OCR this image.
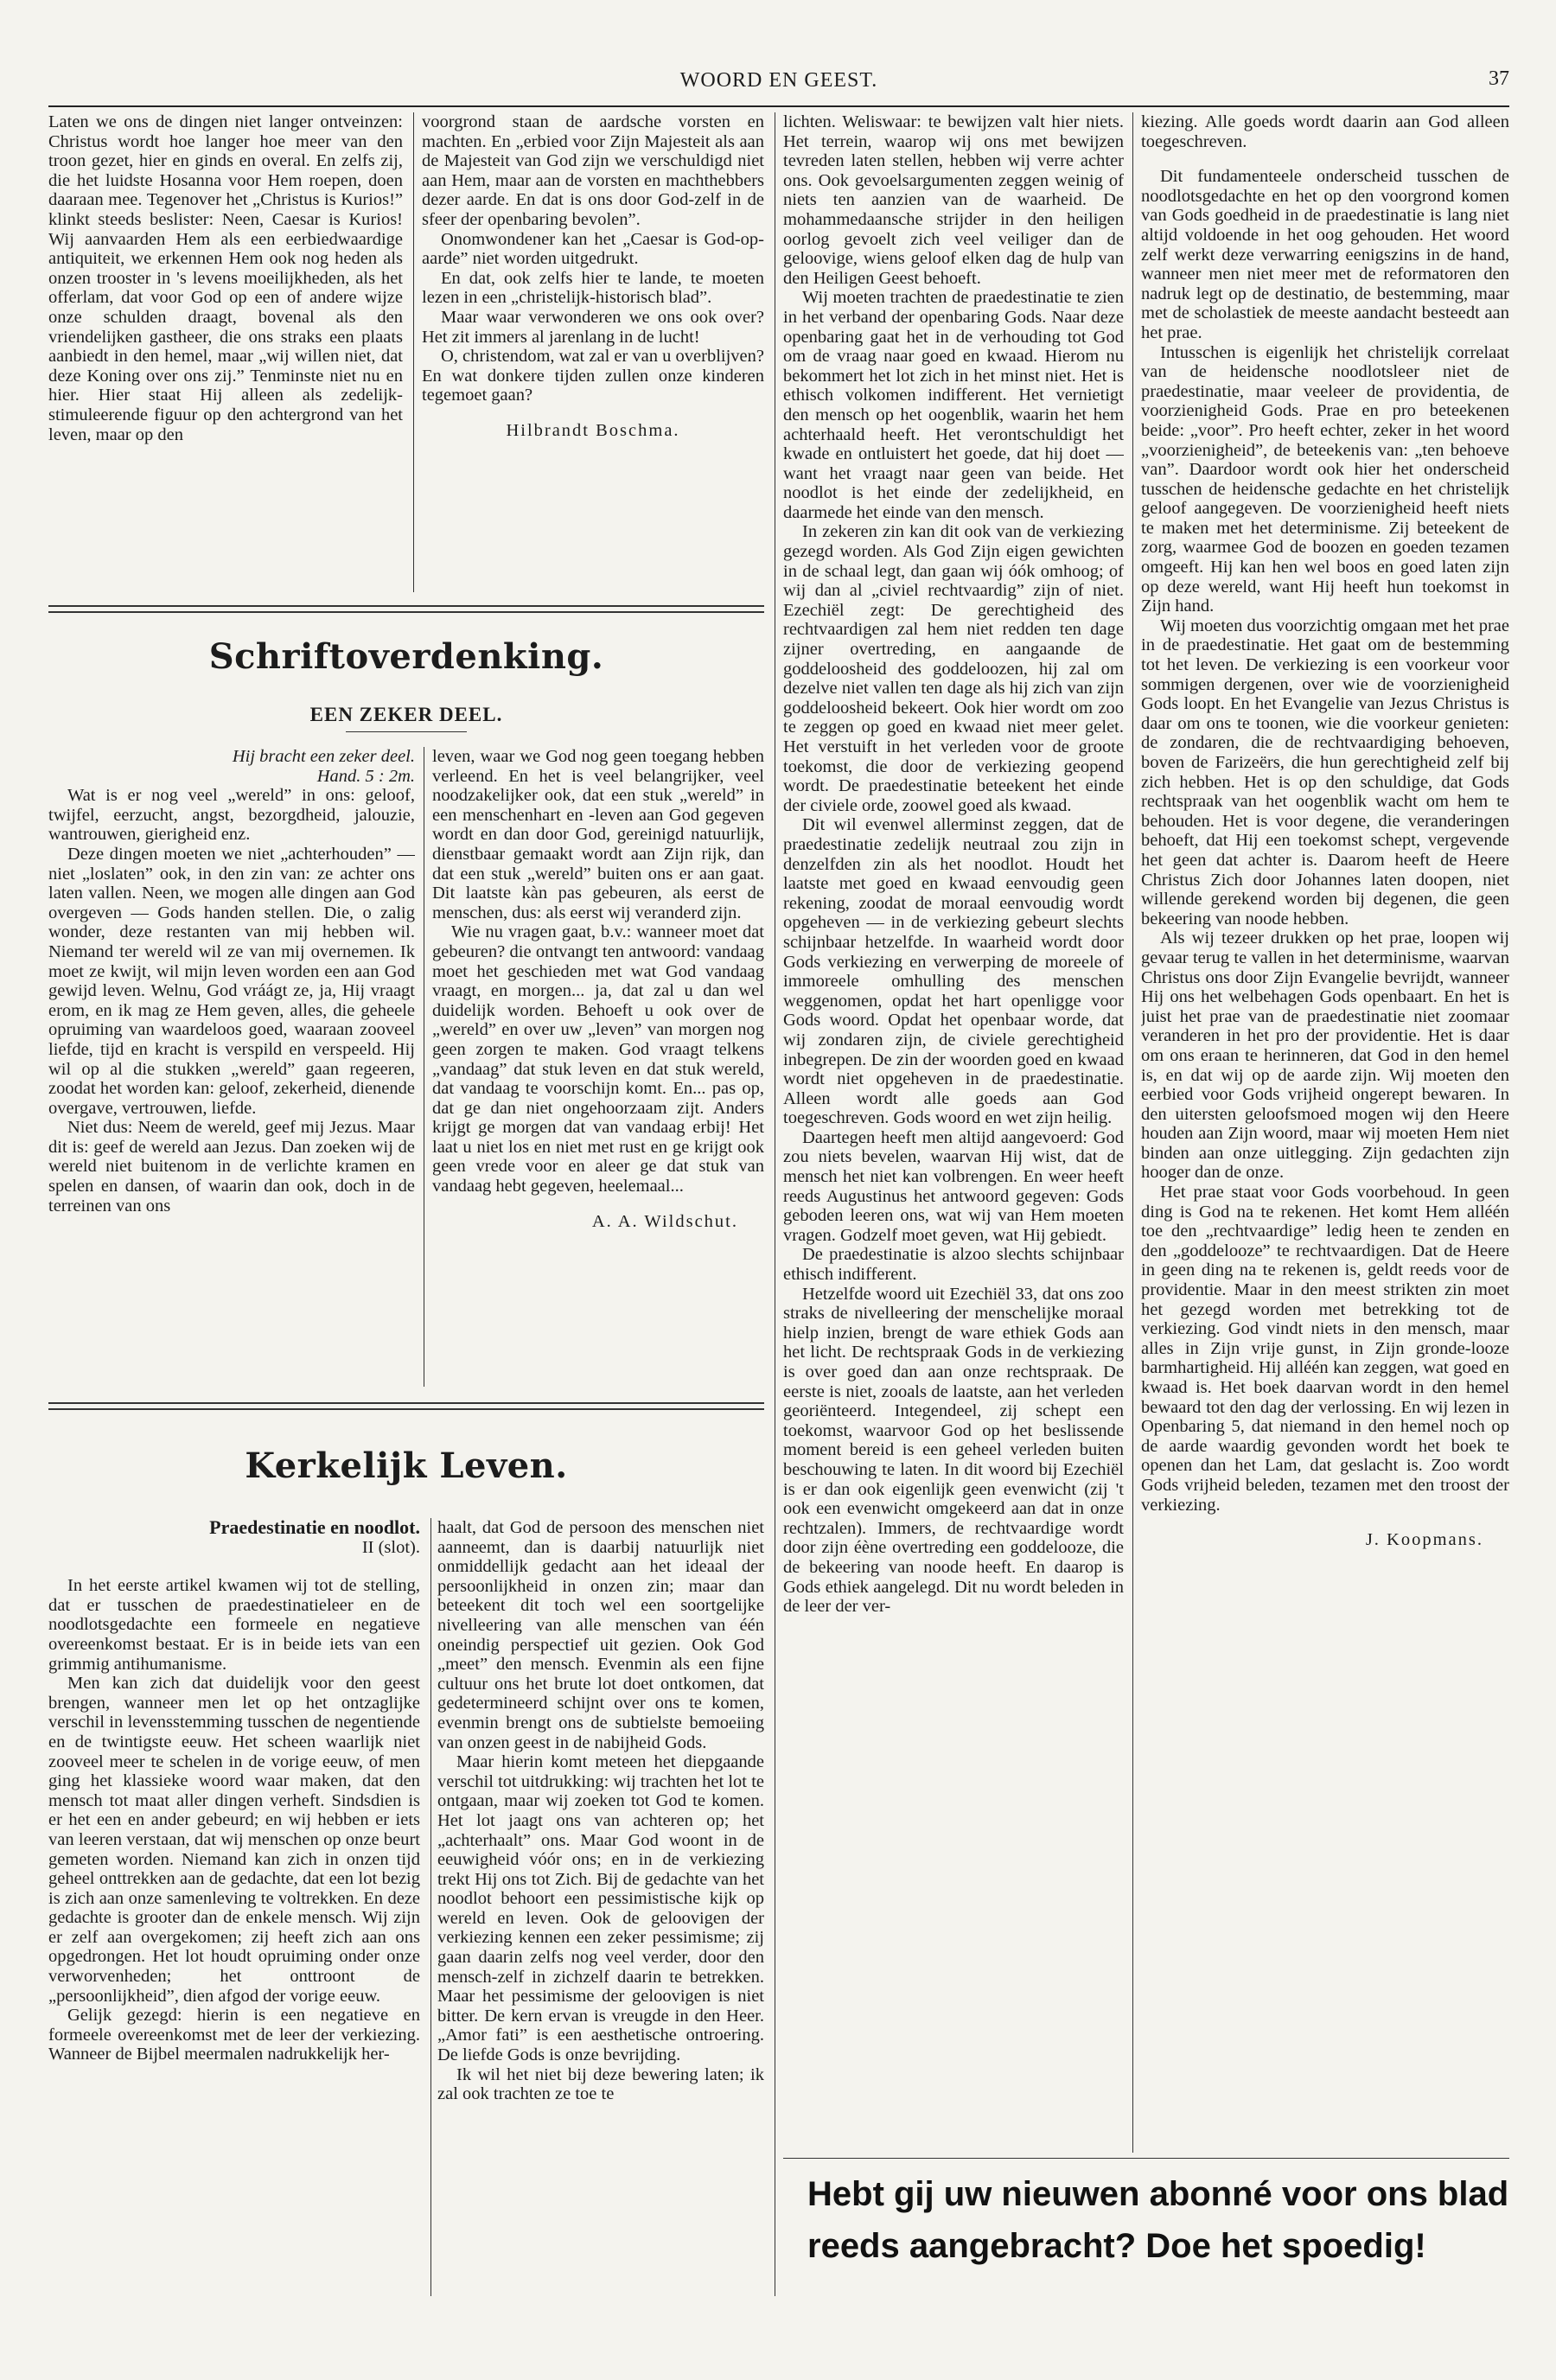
WOORD EN GEEST.	37

Laten we ons de dingen niet langer ontveinzen: Christus wordt hoe langer hoe meer van den troon gezet, hier en ginds en overal. En zelfs zij, die het luidste Hosanna voor Hem roepen, doen daaraan mee. Tegenover het „Christus is Kurios!” klinkt steeds beslister: Neen, Caesar is Kurios! Wij aanvaarden Hem als een eerbiedwaardige antiquiteit, we erkennen Hem ook nog heden als onzen trooster in 's levens moeilijkheden, als het offerlam, dat voor God op een of andere wijze onze schulden draagt, bovenal als den vriendelijken gastheer, die ons straks een plaats aanbiedt in den hemel, maar „wij willen niet, dat deze Koning over ons zij.” Tenminste niet nu en hier. Hier staat Hij alleen als zedelijk-stimuleerende figuur op den achtergrond van het leven, maar op den

voorgrond staan de aardsche vorsten en machten. En „erbied voor Zijn Majesteit als aan de Majesteit van God zijn we verschuldigd niet aan Hem, maar aan de vorsten en machthebbers dezer aarde. En dat is ons door God-zelf in de sfeer der openbaring bevolen”.

Onomwondener kan het „Caesar is God-op-aarde” niet worden uitgedrukt.

En dat, ook zelfs hier te lande, te moeten lezen in een „christelijk-historisch blad”.

Maar waar verwonderen we ons ook over? Het zit immers al jarenlang in de lucht!

O, christendom, wat zal er van u overblijven? En wat donkere tijden zullen onze kinderen tegemoet gaan?

Hilbrandt Boschma.

Schriftoverdenking.
EEN ZEKER DEEL.

Hij bracht een zeker deel.

Hand. 5 : 2m.

Wat is er nog veel „wereld” in ons: geloof, twijfel, eerzucht, angst, bezorgdheid, jalouzie, wantrouwen, gierigheid enz.

Deze dingen moeten we niet „achterhouden” — niet „loslaten” ook, in den zin van: ze achter ons laten vallen. Neen, we mogen alle dingen aan God overgeven — Gods handen stellen. Die, o zalig wonder, deze restanten van mij hebben wil. Niemand ter wereld wil ze van mij overnemen. Ik moet ze kwijt, wil mijn leven worden een aan God gewijd leven. Welnu, God vráágt ze, ja, Hij vraagt erom, en ik mag ze Hem geven, alles, die geheele opruiming van waardeloos goed, waaraan zooveel liefde, tijd en kracht is verspild en verspeeld. Hij wil op al die stukken „wereld” gaan regeeren, zoodat het worden kan: geloof, zekerheid, dienende overgave, vertrouwen, liefde.

Niet dus: Neem de wereld, geef mij Jezus. Maar dit is: geef de wereld aan Jezus. Dan zoeken wij de wereld niet buitenom in de verlichte kramen en spelen en dansen, of waarin dan ook, doch in de terreinen van ons

leven, waar we God nog geen toegang hebben verleend. En het is veel belangrijker, veel noodzakelijker ook, dat een stuk „wereld” in een menschenhart en -leven aan God gegeven wordt en dan door God, gereinigd natuurlijk, dienstbaar gemaakt wordt aan Zijn rijk, dan dat een stuk „wereld” buiten ons er aan gaat. Dit laatste kàn pas gebeuren, als eerst de menschen, dus: als eerst wij veranderd zijn.

Wie nu vragen gaat, b.v.: wanneer moet dat gebeuren? die ontvangt ten antwoord: vandaag moet het geschieden met wat God vandaag vraagt, en morgen... ja, dat zal u dan wel duidelijk worden. Behoeft u ook over de „wereld” en over uw „leven” van morgen nog geen zorgen te maken. God vraagt telkens „vandaag” dat stuk leven en dat stuk wereld, dat vandaag te voorschijn komt. En... pas op, dat ge dan niet ongehoorzaam zijt. Anders krijgt ge morgen dat van vandaag erbij! Het laat u niet los en niet met rust en ge krijgt ook geen vrede voor en aleer ge dat stuk van vandaag hebt gegeven, heelemaal...

A. A. Wildschut.

Kerkelijk Leven.

Praedestinatie en noodlot.

II (slot).

In het eerste artikel kwamen wij tot de stelling, dat er tusschen de praedestinatieleer en de noodlotsgedachte een formeele en negatieve overeenkomst bestaat. Er is in beide iets van een grimmig antihumanisme.

Men kan zich dat duidelijk voor den geest brengen, wanneer men let op het ontzaglijke verschil in levensstemming tusschen de negentiende en de twintigste eeuw. Het scheen waarlijk niet zooveel meer te schelen in de vorige eeuw, of men ging het klassieke woord waar maken, dat den mensch tot maat aller dingen verheft. Sindsdien is er het een en ander gebeurd; en wij hebben er iets van leeren verstaan, dat wij menschen op onze beurt gemeten worden. Niemand kan zich in onzen tijd geheel onttrekken aan de gedachte, dat een lot bezig is zich aan onze samenleving te voltrekken. En deze gedachte is grooter dan de enkele mensch. Wij zijn er zelf aan overgekomen; zij heeft zich aan ons opgedrongen. Het lot houdt opruiming onder onze verworvenheden; het onttroont de „persoonlijkheid”, dien afgod der vorige eeuw.

Gelijk gezegd: hierin is een negatieve en formeele overeenkomst met de leer der verkiezing. Wanneer de Bijbel meermalen nadrukkelijk her-

haalt, dat God de persoon des menschen niet aanneemt, dan is daarbij natuurlijk niet onmiddellijk gedacht aan het ideaal der persoonlijkheid in onzen zin; maar dan beteekent dit toch wel een soortgelijke nivelleering van alle menschen van één oneindig perspectief uit gezien. Ook God „meet” den mensch. Evenmin als een fijne cultuur ons het brute lot doet ontkomen, dat gedetermineerd schijnt over ons te komen, evenmin brengt ons de subtielste bemoeiing van onzen geest in de nabijheid Gods.

Maar hierin komt meteen het diepgaande verschil tot uitdrukking: wij trachten het lot te ontgaan, maar wij zoeken tot God te komen. Het lot jaagt ons van achteren op; het „achterhaalt” ons. Maar God woont in de eeuwigheid vóór ons; en in de verkiezing trekt Hij ons tot Zich. Bij de gedachte van het noodlot behoort een pessimistische kijk op wereld en leven. Ook de geloovigen der verkiezing kennen een zeker pessimisme; zij gaan daarin zelfs nog veel verder, door den mensch-zelf in zichzelf daarin te betrekken. Maar het pessimisme der geloovigen is niet bitter. De kern ervan is vreugde in den Heer. „Amor fati” is een aesthetische ontroering. De liefde Gods is onze bevrijding.

Ik wil het niet bij deze bewering laten; ik zal ook trachten ze toe te

lichten. Weliswaar: te bewijzen valt hier niets. Het terrein, waarop wij ons met bewijzen tevreden laten stellen, hebben wij verre achter ons. Ook gevoelsargumenten zeggen weinig of niets ten aanzien van de waarheid. De mohammedaansche strijder in den heiligen oorlog gevoelt zich veel veiliger dan de geloovige, wiens geloof elken dag de hulp van den Heiligen Geest behoeft.

Wij moeten trachten de praedestinatie te zien in het verband der openbaring Gods. Naar deze openbaring gaat het in de verhouding tot God om de vraag naar goed en kwaad. Hierom nu bekommert het lot zich in het minst niet. Het is ethisch volkomen indifferent. Het vernietigt den mensch op het oogenblik, waarin het hem achterhaald heeft. Het verontschuldigt het kwade en ontluistert het goede, dat hij doet — want het vraagt naar geen van beide. Het noodlot is het einde der zedelijkheid, en daarmede het einde van den mensch.

In zekeren zin kan dit ook van de verkiezing gezegd worden. Als God Zijn eigen gewichten in de schaal legt, dan gaan wij óók omhoog; of wij dan al „civiel rechtvaardig” zijn of niet. Ezechiël zegt: De gerechtigheid des rechtvaardigen zal hem niet redden ten dage zijner overtreding, en aangaande de goddeloosheid des goddeloozen, hij zal om dezelve niet vallen ten dage als hij zich van zijn goddeloosheid bekeert. Ook hier wordt om zoo te zeggen op goed en kwaad niet meer gelet. Het verstuift in het verleden voor de groote toekomst, die door de verkiezing geopend wordt. De praedestinatie beteekent het einde der civiele orde, zoowel goed als kwaad.

Dit wil evenwel allerminst zeggen, dat de praedestinatie zedelijk neutraal zou zijn in denzelfden zin als het noodlot. Houdt het laatste met goed en kwaad eenvoudig geen rekening, zoodat de moraal eenvoudig wordt opgeheven — in de verkiezing gebeurt slechts schijnbaar hetzelfde. In waarheid wordt door Gods verkiezing en verwerping de moreele of immoreele omhulling des menschen weggenomen, opdat het hart openligge voor Gods woord. Opdat het openbaar worde, dat wij zondaren zijn, de civiele gerechtigheid inbegrepen. De zin der woorden goed en kwaad wordt niet opgeheven in de praedestinatie. Alleen wordt alle goeds aan God toegeschreven. Gods woord en wet zijn heilig.

Daartegen heeft men altijd aangevoerd: God zou niets bevelen, waarvan Hij wist, dat de mensch het niet kan volbrengen. En weer heeft reeds Augustinus het antwoord gegeven: Gods geboden leeren ons, wat wij van Hem moeten vragen. Godzelf moet geven, wat Hij gebiedt.

De praedestinatie is alzoo slechts schijnbaar ethisch indifferent.

Hetzelfde woord uit Ezechiël 33, dat ons zoo straks de nivelleering der menschelijke moraal hielp inzien, brengt de ware ethiek Gods aan het licht. De rechtspraak Gods in de verkiezing is over goed dan aan onze rechtspraak. De eerste is niet, zooals de laatste, aan het verleden georiënteerd. Integendeel, zij schept een toekomst, waarvoor God op het beslissende moment bereid is een geheel verleden buiten beschouwing te laten. In dit woord bij Ezechiël is er dan ook eigenlijk geen evenwicht (zij 't ook een evenwicht omgekeerd aan dat in onze rechtzalen). Immers, de rechtvaardige wordt door zijn éène overtreding een goddelooze, die de bekeering van noode heeft. En daarop is Gods ethiek aangelegd. Dit nu wordt beleden in de leer der ver-

kiezing. Alle goeds wordt daarin aan God alleen toegeschreven.

Dit fundamenteele onderscheid tusschen de noodlotsgedachte en het op den voorgrond komen van Gods goedheid in de praedestinatie is lang niet altijd voldoende in het oog gehouden. Het woord zelf werkt deze verwarring eenigszins in de hand, wanneer men niet meer met de reformatoren den nadruk legt op de destinatio, de bestemming, maar met de scholastiek de meeste aandacht besteedt aan het prae.

Intusschen is eigenlijk het christelijk correlaat van de heidensche noodlotsleer niet de praedestinatie, maar veeleer de providentia, de voorzienigheid Gods. Prae en pro beteekenen beide: „voor”. Pro heeft echter, zeker in het woord „voorzienigheid”, de beteekenis van: „ten behoeve van”. Daardoor wordt ook hier het onderscheid tusschen de heidensche gedachte en het christelijk geloof aangegeven. De voorzienigheid heeft niets te maken met het determinisme. Zij beteekent de zorg, waarmee God de boozen en goeden tezamen omgeeft. Hij kan hen wel boos en goed laten zijn op deze wereld, want Hij heeft hun toekomst in Zijn hand.

Wij moeten dus voorzichtig omgaan met het prae in de praedestinatie. Het gaat om de bestemming tot het leven. De verkiezing is een voorkeur voor sommigen dergenen, over wie de voorzienigheid Gods loopt. En het Evangelie van Jezus Christus is daar om ons te toonen, wie die voorkeur genieten: de zondaren, die de rechtvaardiging behoeven, boven de Farizeërs, die hun gerechtigheid zelf bij zich hebben. Het is op den schuldige, dat Gods rechtspraak van het oogenblik wacht om hem te behouden. Het is voor degene, die veranderingen behoeft, dat Hij een toekomst schept, vergevende het geen dat achter is. Daarom heeft de Heere Christus Zich door Johannes laten doopen, niet willende gerekend worden bij degenen, die geen bekeering van noode hebben.

Als wij tezeer drukken op het prae, loopen wij gevaar terug te vallen in het determinisme, waarvan Christus ons door Zijn Evangelie bevrijdt, wanneer Hij ons het welbehagen Gods openbaart. En het is juist het prae van de praedestinatie niet zoomaar veranderen in het pro der providentie. Het is daar om ons eraan te herinneren, dat God in den hemel is, en dat wij op de aarde zijn. Wij moeten den eerbied voor Gods vrijheid ongerept bewaren. In den uitersten geloofsmoed mogen wij den Heere houden aan Zijn woord, maar wij moeten Hem niet binden aan onze uitlegging. Zijn gedachten zijn hooger dan de onze.

Het prae staat voor Gods voorbehoud. In geen ding is God na te rekenen. Het komt Hem alléén toe den „rechtvaardige” ledig heen te zenden en den „goddelooze” te rechtvaardigen. Dat de Heere in geen ding na te rekenen is, geldt reeds voor de providentie. Maar in den meest strikten zin moet het gezegd worden met betrekking tot de verkiezing. God vindt niets in den mensch, maar alles in Zijn vrije gunst, in Zijn gronde-looze barmhartigheid. Hij alléén kan zeggen, wat goed en kwaad is. Het boek daarvan wordt in den hemel bewaard tot den dag der verlossing. En wij lezen in Openbaring 5, dat niemand in den hemel noch op de aarde waardig gevonden wordt het boek te openen dan het Lam, dat geslacht is. Zoo wordt Gods vrijheid beleden, tezamen met den troost der verkiezing.

J. Koopmans.

Hebt gij uw nieuwen abonné voor ons blad
reeds aangebracht? Doe het spoedig!
